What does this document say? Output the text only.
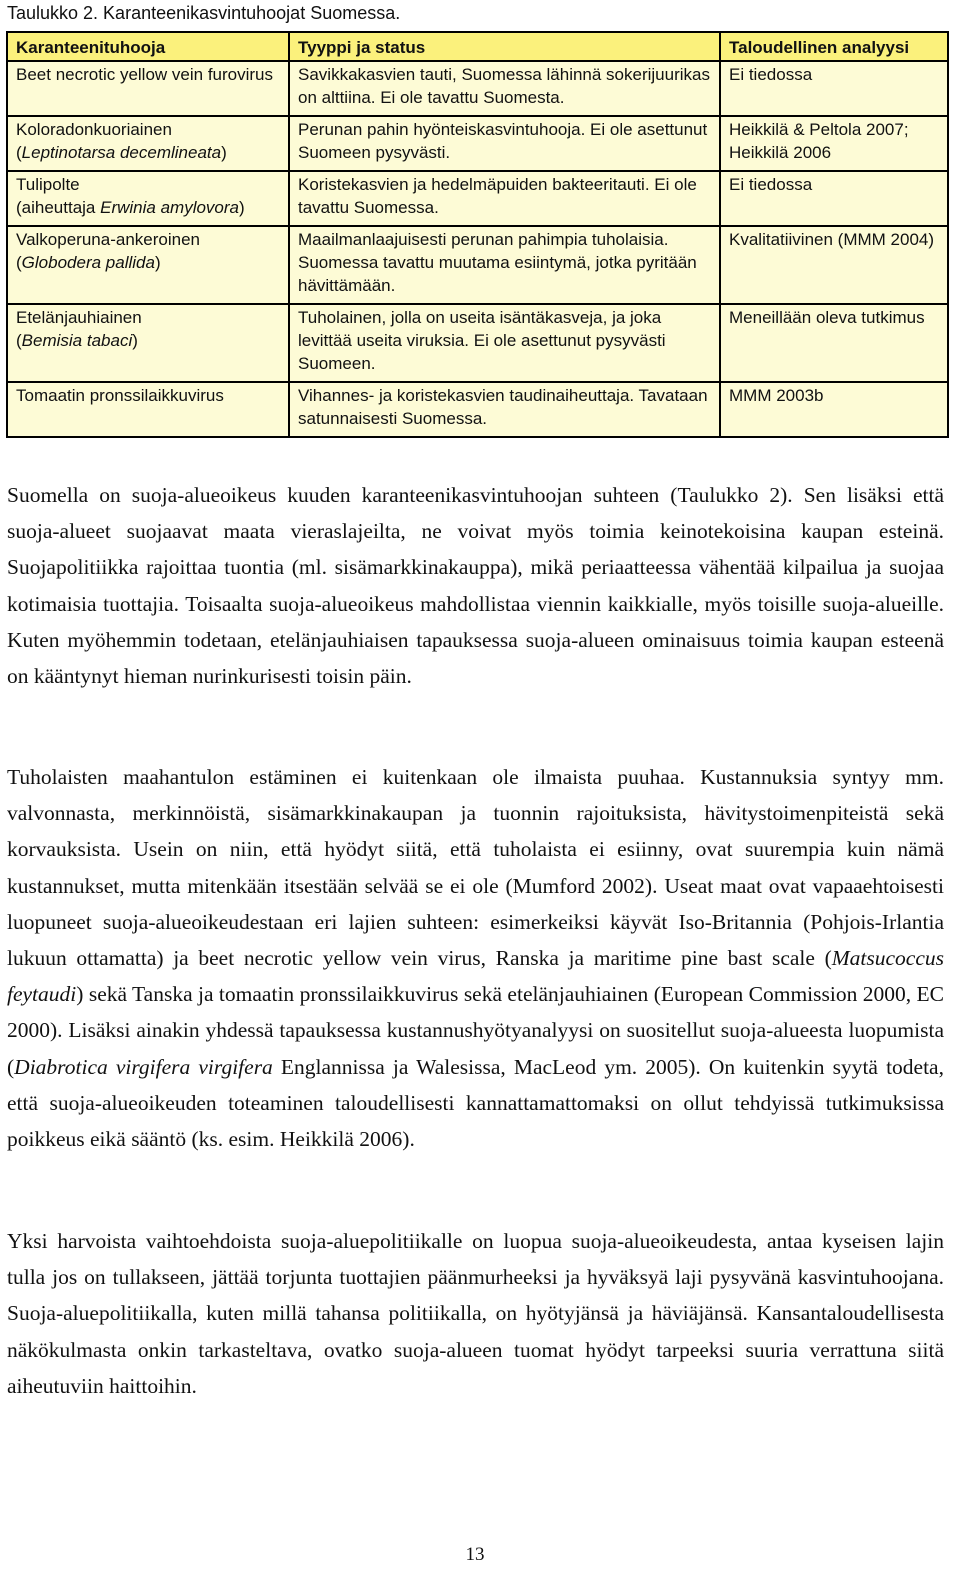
Taulukko 2. Karanteenikasvintuhoojat Suomessa.
Karanteenituhooja	Tyyppi ja status	Taloudellinen analyysi
Beet necrotic yellow vein furovirus	Savikkakasvien tauti, Suomessa lähinnä sokerijuurikas on alttiina. Ei ole tavattu Suomesta.	Ei tiedossa

Koloradonkuoriainen
(Leptinotarsa decemlineata)	Perunan pahin hyönteiskasvintuhooja. Ei ole asettunut Suomeen pysyvästi.	Heikkilä & Peltola 2007; Heikkilä 2006

Tulipolte
(aiheuttaja Erwinia amylovora)	Koristekasvien ja hedelmäpuiden bakteeritauti. Ei ole tavattu Suomessa.	Ei tiedossa

Valkoperuna-ankeroinen
(Globodera pallida)	Maailmanlaajuisesti perunan pahimpia tuholaisia. Suomessa tavattu muutama esiintymä, jotka pyritään hävittämään.	Kvalitatiivinen (MMM 2004)

Etelänjauhiainen
(Bemisia tabaci)	Tuholainen, jolla on useita isäntäkasveja, ja joka levittää useita viruksia. Ei ole asettunut pysyvästi Suomeen.	Meneillään oleva tutkimus
Tomaatin pronssilaikkuvirus	Vihannes- ja koristekasvien taudinaiheuttaja. Tavataan satunnaisesti Suomessa.	MMM 2003b

Suomella on suoja-alueoikeus kuuden karanteenikasvintuhoojan suhteen (Taulukko 2). Sen lisäksi että suoja-alueet suojaavat maata vieraslajeilta, ne voivat myös toimia keinotekoisina kaupan esteinä. Suojapolitiikka rajoittaa tuontia (ml. sisämarkkinakauppa), mikä periaatteessa vähentää kilpailua ja suojaa kotimaisia tuottajia. Toisaalta suoja-alueoikeus mahdollistaa viennin kaikkialle, myös toisille suoja-alueille. Kuten myöhemmin todetaan, etelänjauhiaisen tapauksessa suoja-alueen ominaisuus toimia kaupan esteenä on kääntynyt hieman nurinkurisesti toisin päin.

Tuholaisten maahantulon estäminen ei kuitenkaan ole ilmaista puuhaa. Kustannuksia syntyy mm. valvonnasta, merkinnöistä, sisämarkkinakaupan ja tuonnin rajoituksista, hävitystoimenpiteistä sekä korvauksista. Usein on niin, että hyödyt siitä, että tuholaista ei esiinny, ovat suurempia kuin nämä kustannukset, mutta mitenkään itsestään selvää se ei ole (Mumford 2002). Useat maat ovat vapaaehtoisesti luopuneet suoja-alueoikeudestaan eri lajien suhteen: esimerkeiksi käyvät Iso-Britannia (Pohjois-Irlantia lukuun ottamatta) ja beet necrotic yellow vein virus, Ranska ja maritime pine bast scale (Matsucoccus feytaudi) sekä Tanska ja tomaatin pronssilaikkuvirus sekä etelänjauhiainen (European Commission 2000, EC 2000). Lisäksi ainakin yhdessä tapauksessa kustannushyötyanalyysi on suositellut suoja-alueesta luopumista (Diabrotica virgifera virgifera Englannissa ja Walesissa, MacLeod ym. 2005). On kuitenkin syytä todeta, että suoja-alueoikeuden toteaminen taloudellisesti kannattamattomaksi on ollut tehdyissä tutkimuksissa poikkeus eikä sääntö (ks. esim. Heikkilä 2006).

Yksi harvoista vaihtoehdoista suoja-aluepolitiikalle on luopua suoja-alueoikeudesta, antaa kyseisen lajin tulla jos on tullakseen, jättää torjunta tuottajien päänmurheeksi ja hyväksyä laji pysyvänä kasvintuhoojana. Suoja-aluepolitiikalla, kuten millä tahansa politiikalla, on hyötyjänsä ja häviäjänsä. Kansantaloudellisesta näkökulmasta onkin tarkasteltava, ovatko suoja-alueen tuomat hyödyt tarpeeksi suuria verrattuna siitä aiheutuviin haittoihin.

13
